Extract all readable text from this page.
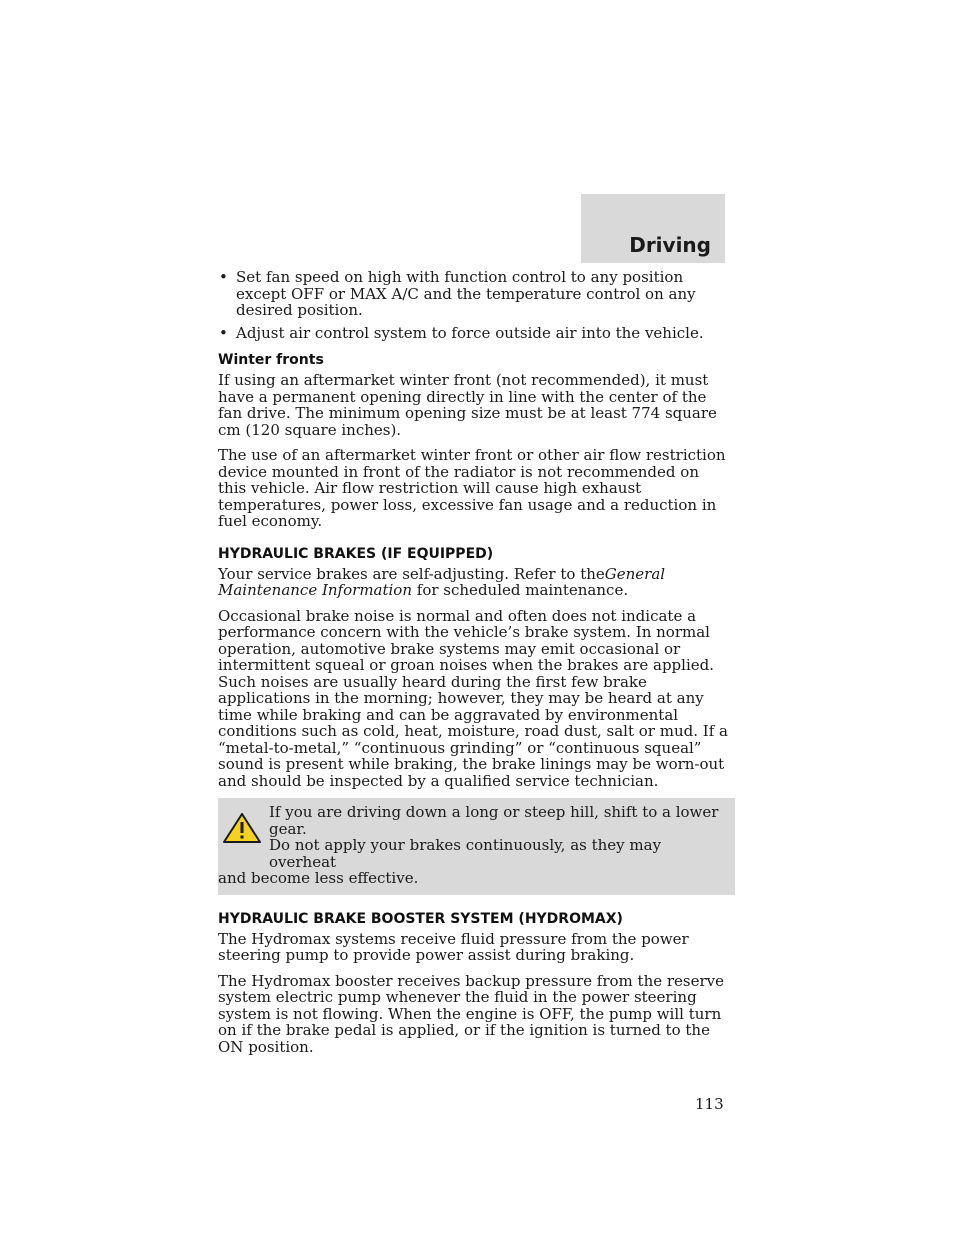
Driving
• Set fan speed on high with function control to any position except OFF or MAX A/C and the temperature control on any desired position.
• Adjust air control system to force outside air into the vehicle.
Winter fronts

If using an aftermarket winter front (not recommended), it must have a permanent opening directly in line with the center of the fan drive. The minimum opening size must be at least 774 square cm (120 square inches).

The use of an aftermarket winter front or other air flow restriction device mounted in front of the radiator is not recommended on this vehicle. Air flow restriction will cause high exhaust temperatures, power loss, excessive fan usage and a reduction in fuel economy.

HYDRAULIC BRAKES (IF EQUIPPED)

Your service brakes are self-adjusting. Refer to theGeneral Maintenance Information for scheduled maintenance.

Occasional brake noise is normal and often does not indicate a performance concern with the vehicle’s brake system. In normal operation, automotive brake systems may emit occasional or intermittent squeal or groan noises when the brakes are applied. Such noises are usually heard during the first few brake applications in the morning; however, they may be heard at any time while braking and can be aggravated by environmental conditions such as cold, heat, moisture, road dust, salt or mud. If a “metal-to-metal,” “continuous grinding” or “continuous squeal” sound is present while braking, the brake linings may be worn-out and should be inspected by a qualified service technician.

If you are driving down a long or steep hill, shift to a lower gear.
Do not apply your brakes continuously, as they may overheat
and become less effective.
HYDRAULIC BRAKE BOOSTER SYSTEM (HYDROMAX)

The Hydromax systems receive fluid pressure from the power steering pump to provide power assist during braking.

The Hydromax booster receives backup pressure from the reserve system electric pump whenever the fluid in the power steering system is not flowing. When the engine is OFF, the pump will turn on if the brake pedal is applied, or if the ignition is turned to the ON position.

113
